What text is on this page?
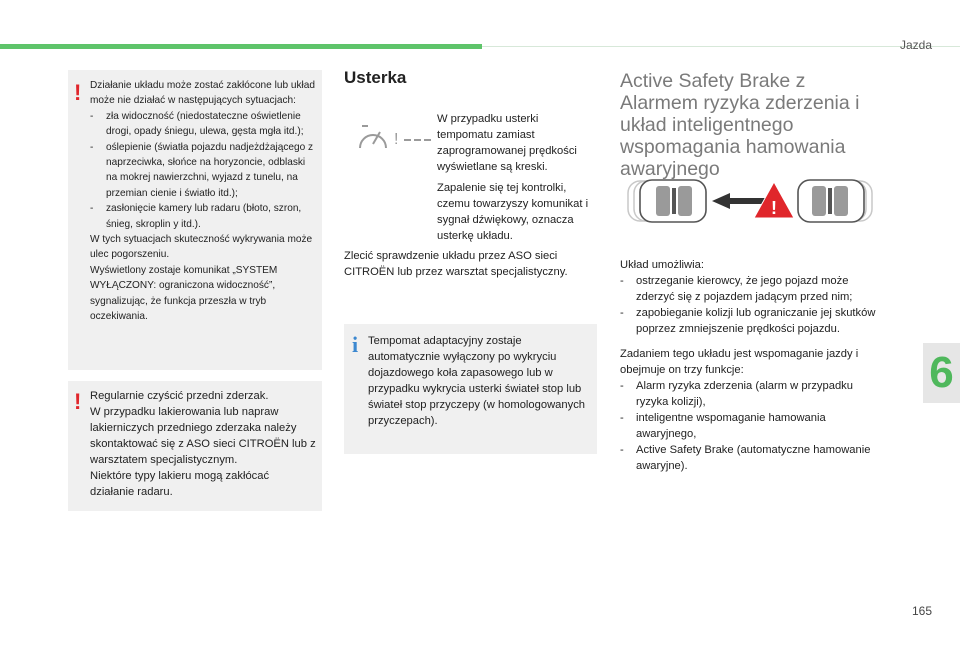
Jazda
6
165
! Działanie układu może zostać zakłócone lub układ może nie działać w następujących sytuacjach:

- zła widoczność (niedostateczne oświetlenie drogi, opady śniegu, ulewa, gęsta mgła itd.);
- oślepienie (światła pojazdu nadjeżdżającego z naprzeciwka, słońce na horyzoncie, odblaski na mokrej nawierzchni, wyjazd z tunelu, na przemian cienie i światło itd.);
- zasłonięcie kamery lub radaru (błoto, szron, śnieg, skroplin y itd.).

W tych sytuacjach skuteczność wykrywania może ulec pogorszeniu.

Wyświetlony zostaje komunikat „SYSTEM WYŁĄCZONY: ograniczona widoczność”, sygnalizując, że funkcja przeszła w tryb oczekiwania.

! Regularnie czyścić przedni zderzak.

W przypadku lakierowania lub napraw lakierniczych przedniego zderzaka należy skontaktować się z ASO sieci CITROËN lub z warsztatem specjalistycznym.

Niektóre typy lakieru mogą zakłócać działanie radaru.

Usterka
!

W przypadku usterki tempomatu zamiast zaprogramowanej prędkości wyświetlane są kreski.

Zapalenie się tej kontrolki, czemu towarzyszy komunikat i sygnał dźwiękowy, oznacza usterkę układu.

Zlecić sprawdzenie układu przez ASO sieci CITROËN lub przez warsztat specjalistyczny.

i Tempomat adaptacyjny zostaje automatycznie wyłączony po wykryciu dojazdowego koła zapasowego lub w przypadku wykrycia usterki świateł stop lub świateł stop przyczepy (w homologowanych przyczepach).

Active Safety Brake z Alarmem ryzyka zderzenia i układ inteligentnego wspomagania hamowania awaryjnego
!

Układ umożliwia:

- ostrzeganie kierowcy, że jego pojazd może zderzyć się z pojazdem jadącym przed nim;
- zapobieganie kolizji lub ograniczanie jej skutków poprzez zmniejszenie prędkości pojazdu.

Zadaniem tego układu jest wspomaganie jazdy i obejmuje on trzy funkcje:

- Alarm ryzyka zderzenia (alarm w przypadku ryzyka kolizji),
- inteligentne wspomaganie hamowania awaryjnego,
- Active Safety Brake (automatyczne hamowanie awaryjne).
